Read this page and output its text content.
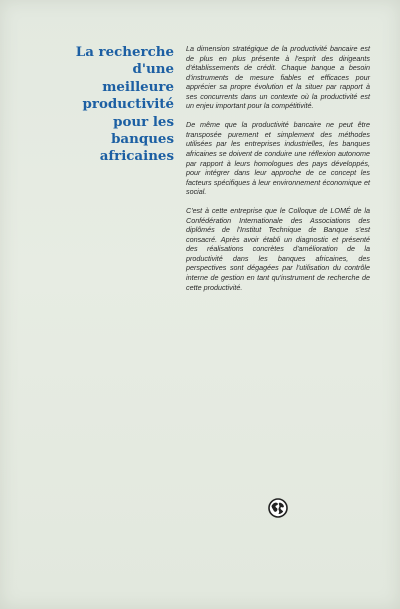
La recherche d'une meilleure productivité pour les banques africaines

La dimension stratégique de la productivité bancaire est de plus en plus présente à l'esprit des dirigeants d'établissements de crédit. Chaque banque a besoin d'instruments de mesure fiables et efficaces pour apprécier sa propre évolution et la situer par rapport à ses concurrents dans un contexte où la productivité est un enjeu important pour la compétitivité.

De même que la productivité bancaire ne peut être transposée purement et simplement des méthodes utilisées par les entreprises industrielles, les banques africaines se doivent de conduire une réflexion autonome par rapport à leurs homologues des pays développés, pour intégrer dans leur approche de ce concept les facteurs spécifiques à leur environnement économique et social.

C'est à cette entreprise que le Colloque de LOMÉ de la Confédération Internationale des Associations des diplômés de l'Institut Technique de Banque s'est consacré. Après avoir établi un diagnostic et présenté des réalisations concrètes d'amélioration de la productivité dans les banques africaines, des perspectives sont dégagées par l'utilisation du contrôle interne de gestion en tant qu'instrument de recherche de cette productivité.
